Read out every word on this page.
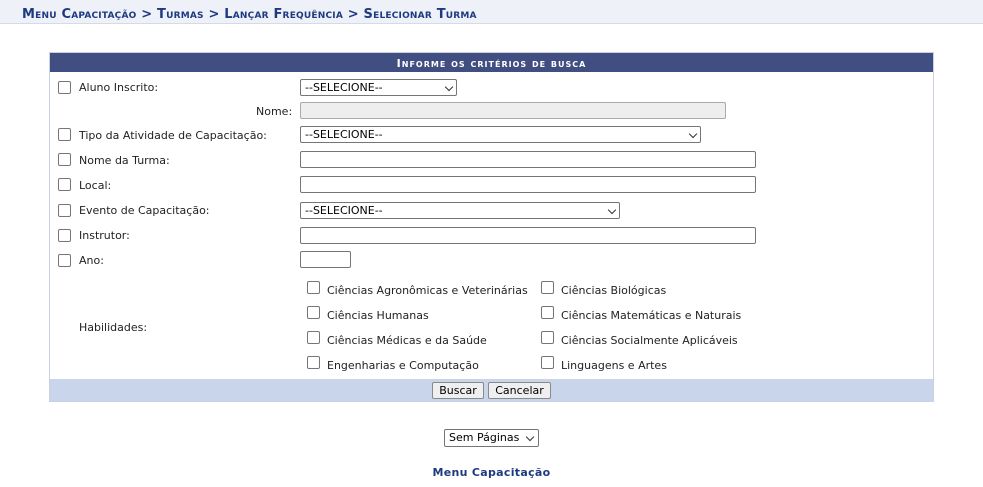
Menu Capacitação > Turmas > Lançar Frequência > Selecionar Turma
Informe os critérios de busca
Aluno Inscrito:	--SELECIONE--
Nome:
Tipo da Atividade de Capacitação:	--SELECIONE--
Nome da Turma:
Local:
Evento de Capacitação:	--SELECIONE--
Instrutor:
Ano:
Habilidades:
Ciências Agronômicas e Veterinárias	Ciências Biológicas
Ciências Humanas	Ciências Matemáticas e Naturais
Ciências Médicas e da Saúde	Ciências Socialmente Aplicáveis
Engenharias e Computação	Linguagens e Artes
Buscar	Cancelar
Sem Páginas
Menu Capacitação
